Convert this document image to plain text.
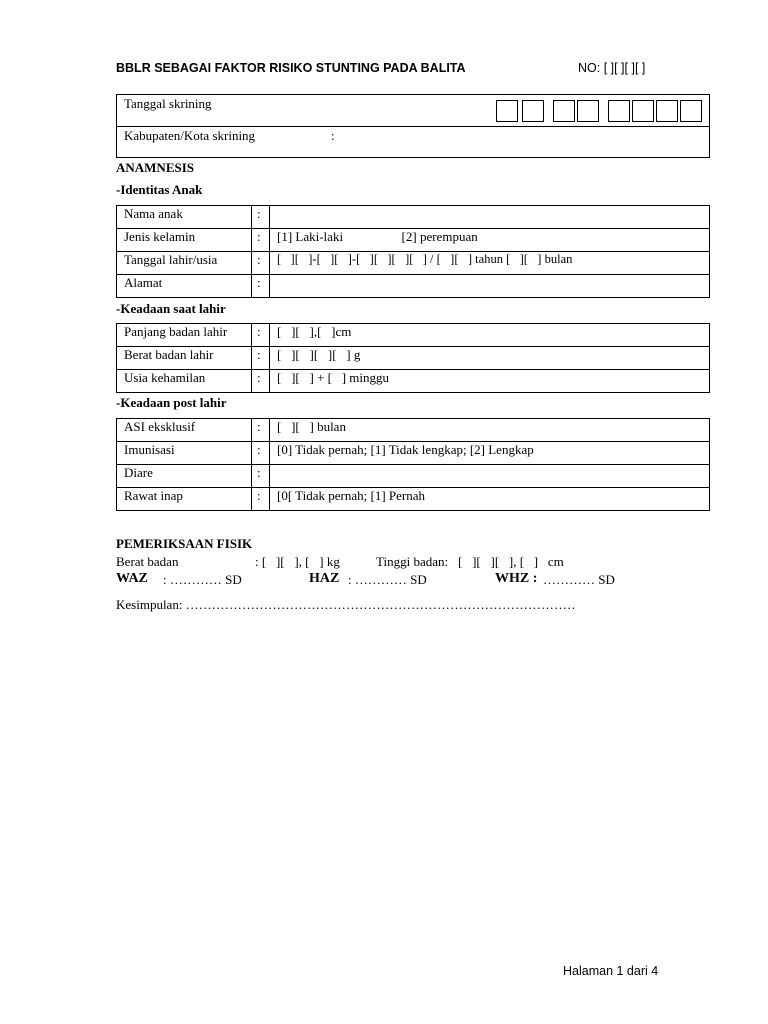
BBLR SEBAGAI FAKTOR RISIKO STUNTING PADA BALITA	NO: [ ][ ][ ][ ]
Tanggal skrining
Kabupaten/Kota skrining	:
ANAMNESIS
-Identitas Anak
Nama anak	:	
Jenis kelamin	:	[1] Laki-laki                  [2] perempuan
Tanggal lahir/usia	:	[   ][   ]-[   ][   ]-[   ][   ][   ][   ] / [   ][   ] tahun [   ][   ] bulan
Alamat	:	
-Keadaan saat lahir
Panjang badan lahir	:	[   ][   ],[   ]cm
Berat badan lahir	:	[   ][   ][   ][   ] g
Usia kehamilan	:	[   ][   ] + [   ] minggu
-Keadaan post lahir
ASI eksklusif	:	[   ][   ] bulan
Imunisasi	:	[0] Tidak pernah; [1] Tidak lengkap; [2] Lengkap
Diare	:	
Rawat inap	:	[0[ Tidak pernah; [1] Pernah
PEMERIKSAAN FISIK
Berat badan	: [   ][   ], [   ] kg	Tinggi badan: [   ][   ][   ], [   ]   cm
WAZ : ………… SD	HAZ : ………… SD	WHZ : ………… SD
Kesimpulan: ………………………………………………………………………………
Halaman 1 dari 4
